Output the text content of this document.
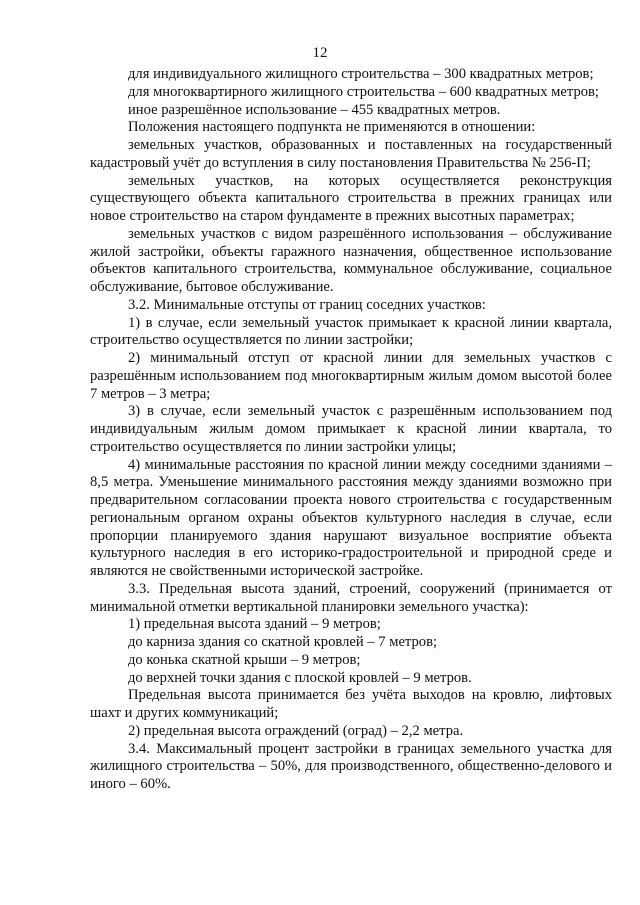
12

для индивидуального жилищного строительства – 300 квадратных метров;

для многоквартирного жилищного строительства – 600 квадратных метров;

иное разрешённое использование – 455 квадратных метров.

Положения настоящего подпункта не применяются в отношении:

земельных участков, образованных и поставленных на государственный кадастровый учёт до вступления в силу постановления Правительства № 256-П;

земельных участков, на которых осуществляется реконструкция существующего объекта капитального строительства в прежних границах или новое строительство на старом фундаменте в прежних высотных параметрах;

земельных участков с видом разрешённого использования – обслуживание жилой застройки, объекты гаражного назначения, общественное использование объектов капитального строительства, коммунальное обслуживание, социальное обслуживание, бытовое обслуживание.

3.2. Минимальные отступы от границ соседних участков:

1) в случае, если земельный участок примыкает к красной линии квартала, строительство осуществляется по линии застройки;

2) минимальный отступ от красной линии для земельных участков с разрешённым использованием под многоквартирным жилым домом высотой более 7 метров – 3 метра;

3) в случае, если земельный участок с разрешённым использованием под индивидуальным жилым домом примыкает к красной линии квартала, то строительство осуществляется по линии застройки улицы;

4) минимальные расстояния по красной линии между соседними зданиями – 8,5 метра. Уменьшение минимального расстояния между зданиями возможно при предварительном согласовании проекта нового строительства с государственным региональным органом охраны объектов культурного наследия в случае, если пропорции планируемого здания нарушают визуальное восприятие объекта культурного наследия в его историко-градостроительной и природной среде и являются не свойственными исторической застройке.

3.3. Предельная высота зданий, строений, сооружений (принимается от минимальной отметки вертикальной планировки земельного участка):

1) предельная высота зданий – 9 метров;

до карниза здания со скатной кровлей – 7 метров;

до конька скатной крыши – 9 метров;

до верхней точки здания с плоской кровлей – 9 метров.

Предельная высота принимается без учёта выходов на кровлю, лифтовых шахт и других коммуникаций;

2) предельная высота ограждений (оград) – 2,2 метра.

3.4. Максимальный процент застройки в границах земельного участка для жилищного строительства – 50%, для производственного, общественно-делового и иного – 60%.
